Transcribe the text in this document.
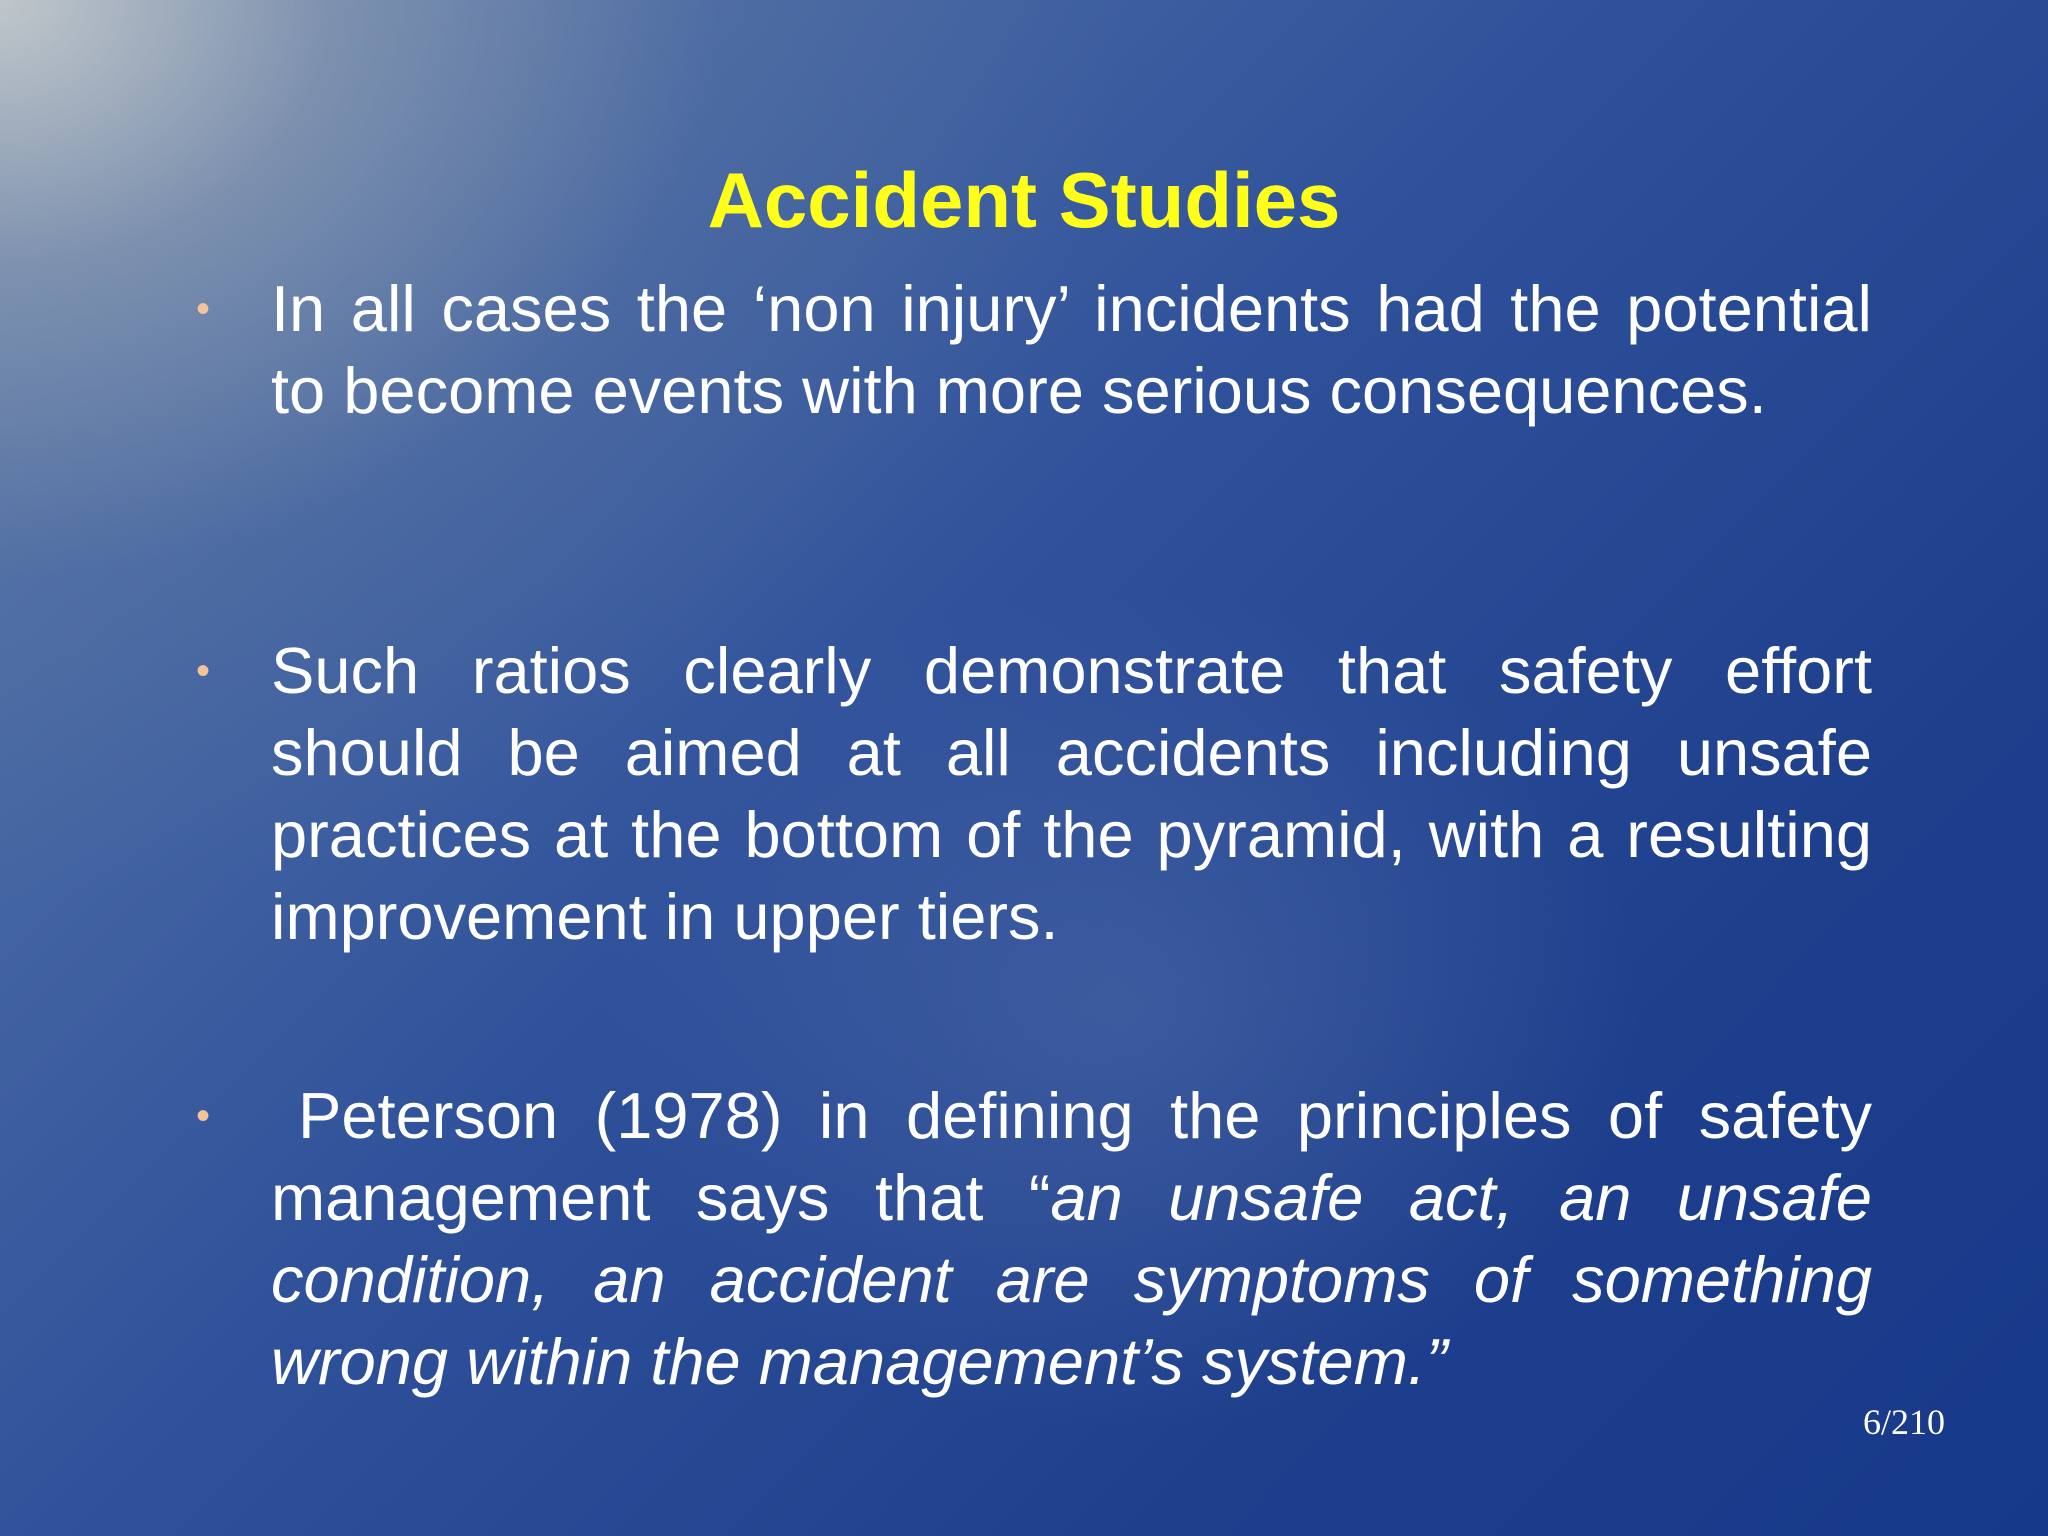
Accident Studies
• In all cases the ‘non injury’ incidents had the potential to become events with more serious consequences.
• Such ratios clearly demonstrate that safety effort should be aimed at all accidents including unsafe practices at the bottom of the pyramid, with a resulting improvement in upper tiers.
•	Peterson (1978) in defining the principles of safety management says that “an unsafe act, an unsafe condition, an accident are symptoms of something wrong within the management’s system.”
6/210
